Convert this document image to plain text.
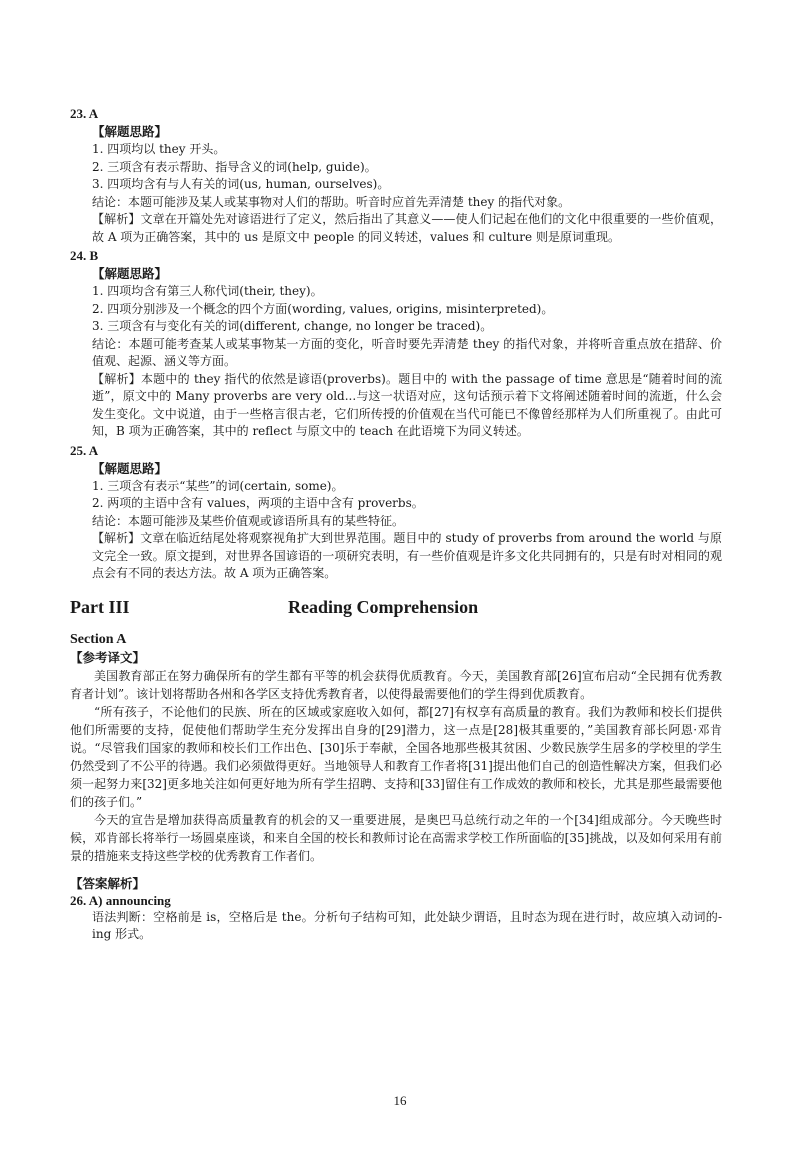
23. A
【解题思路】
1. 四项均以 they 开头。
2. 三项含有表示帮助、指导含义的词(help, guide)。
3. 四项均含有与人有关的词(us, human, ourselves)。
结论：本题可能涉及某人或某事物对人们的帮助。听音时应首先弄清楚 they 的指代对象。
【解析】文章在开篇处先对谚语进行了定义，然后指出了其意义——使人们记起在他们的文化中很重要的一些价值观，故 A 项为正确答案，其中的 us 是原文中 people 的同义转述，values 和 culture 则是原词重现。
24. B
【解题思路】
1. 四项均含有第三人称代词(their, they)。
2. 四项分别涉及一个概念的四个方面(wording, values, origins, misinterpreted)。
3. 三项含有与变化有关的词(different, change, no longer be traced)。
结论：本题可能考查某人或某事物某一方面的变化，听音时要先弄清楚 they 的指代对象，并将听音重点放在措辞、价值观、起源、涵义等方面。
【解析】本题中的 they 指代的依然是谚语(proverbs)。题目中的 with the passage of time 意思是“随着时间的流逝”，原文中的 Many proverbs are very old...与这一状语对应，这句话预示着下文将阐述随着时间的流逝，什么会发生变化。文中说道，由于一些格言很古老，它们所传授的价值观在当代可能已不像曾经那样为人们所重视了。由此可知，B 项为正确答案，其中的 reflect 与原文中的 teach 在此语境下为同义转述。
25. A
【解题思路】
1. 三项含有表示“某些”的词(certain, some)。
2. 两项的主语中含有 values，两项的主语中含有 proverbs。
结论：本题可能涉及某些价值观或谚语所具有的某些特征。
【解析】文章在临近结尾处将观察视角扩大到世界范围。题目中的 study of proverbs from around the world 与原文完全一致。原文提到，对世界各国谚语的一项研究表明，有一些价值观是许多文化共同拥有的，只是有时对相同的观点会有不同的表达方法。故 A 项为正确答案。
Part III	Reading Comprehension
Section A
【参考译文】

美国教育部正在努力确保所有的学生都有平等的机会获得优质教育。今天，美国教育部[26]宣布启动“全民拥有优秀教育者计划”。该计划将帮助各州和各学区支持优秀教育者，以使得最需要他们的学生得到优质教育。

“所有孩子，不论他们的民族、所在的区域或家庭收入如何，都[27]有权享有高质量的教育。我们为教师和校长们提供他们所需要的支持，促使他们帮助学生充分发挥出自身的[29]潜力，这一点是[28]极其重要的，”美国教育部长阿恩·邓肯说。“尽管我们国家的教师和校长们工作出色、[30]乐于奉献，全国各地那些极其贫困、少数民族学生居多的学校里的学生仍然受到了不公平的待遇。我们必须做得更好。当地领导人和教育工作者将[31]提出他们自己的创造性解决方案，但我们必须一起努力来[32]更多地关注如何更好地为所有学生招聘、支持和[33]留住有工作成效的教师和校长，尤其是那些最需要他们的孩子们。”

今天的宣告是增加获得高质量教育的机会的又一重要进展，是奥巴马总统行动之年的一个[34]组成部分。今天晚些时候，邓肯部长将举行一场圆桌座谈，和来自全国的校长和教师讨论在高需求学校工作所面临的[35]挑战，以及如何采用有前景的措施来支持这些学校的优秀教育工作者们。

【答案解析】
26. A) announcing
语法判断：空格前是 is，空格后是 the。分析句子结构可知，此处缺少谓语，且时态为现在进行时，故应填入动词的-ing 形式。
16
